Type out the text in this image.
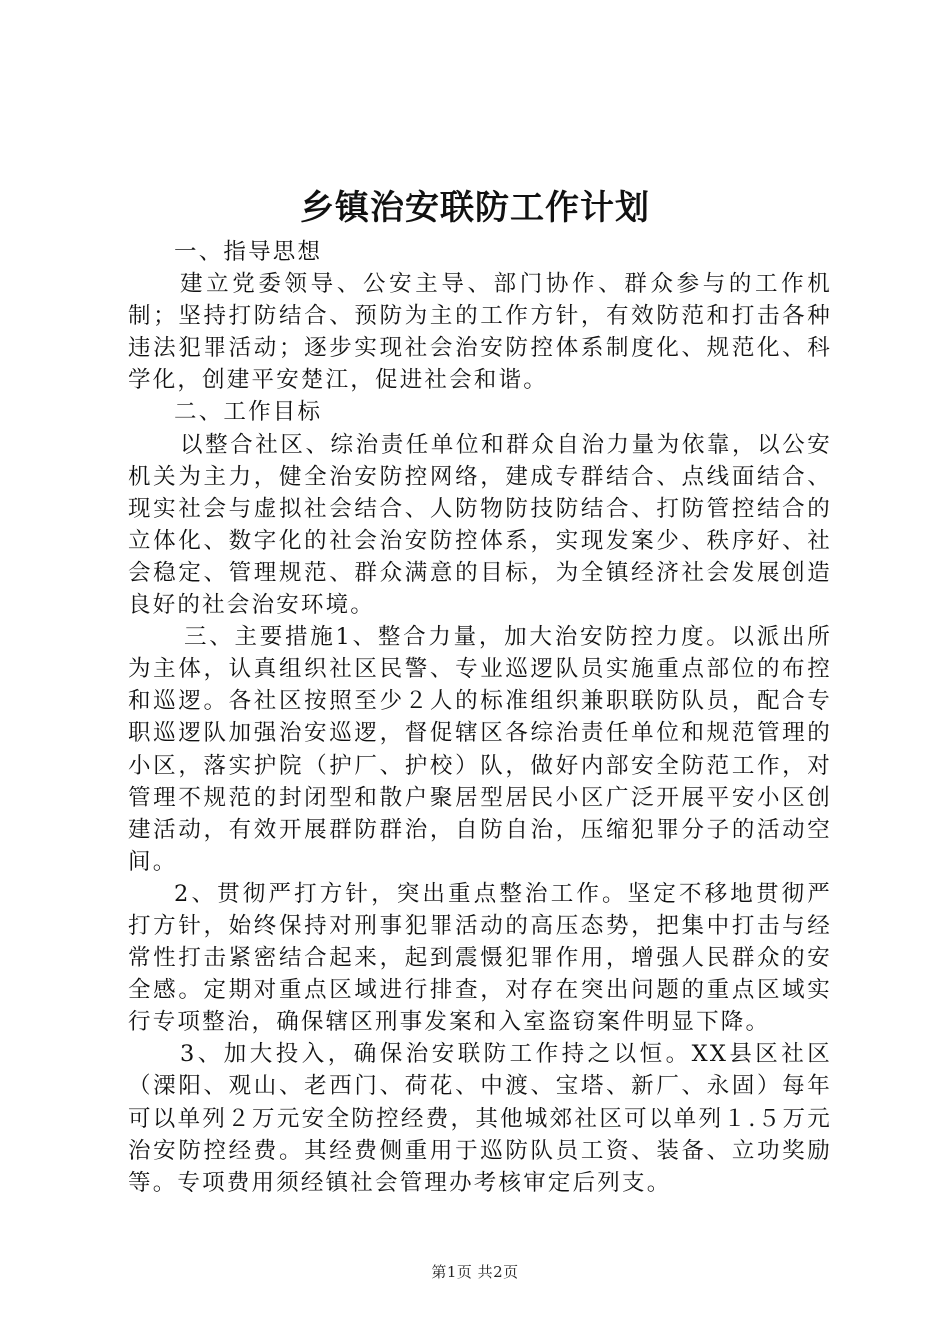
乡镇治安联防工作计划

一、指导思想

建立党委领导、公安主导、部门协作、群众参与的工作机制；坚持打防结合、预防为主的工作方针，有效防范和打击各种违法犯罪活动；逐步实现社会治安防控体系制度化、规范化、科学化，创建平安楚江，促进社会和谐。

二、工作目标

以整合社区、综治责任单位和群众自治力量为依靠，以公安机关为主力，健全治安防控网络，建成专群结合、点线面结合、现实社会与虚拟社会结合、人防物防技防结合、打防管控结合的立体化、数字化的社会治安防控体系，实现发案少、秩序好、社会稳定、管理规范、群众满意的目标，为全镇经济社会发展创造良好的社会治安环境。

三、主要措施1、整合力量，加大治安防控力度。以派出所为主体，认真组织社区民警、专业巡逻队员实施重点部位的布控和巡逻。各社区按照至少２人的标准组织兼职联防队员，配合专职巡逻队加强治安巡逻，督促辖区各综治责任单位和规范管理的小区，落实护院（护厂、护校）队，做好内部安全防范工作，对管理不规范的封闭型和散户聚居型居民小区广泛开展平安小区创建活动，有效开展群防群治，自防自治，压缩犯罪分子的活动空间。

2、贯彻严打方针，突出重点整治工作。坚定不移地贯彻严打方针，始终保持对刑事犯罪活动的高压态势，把集中打击与经常性打击紧密结合起来，起到震慑犯罪作用，增强人民群众的安全感。定期对重点区域进行排查，对存在突出问题的重点区域实行专项整治，确保辖区刑事发案和入室盗窃案件明显下降。

3、加大投入，确保治安联防工作持之以恒。XX县区社区（溧阳、观山、老西门、荷花、中渡、宝塔、新厂、永固）每年可以单列２万元安全防控经费，其他城郊社区可以单列１.５万元治安防控经费。其经费侧重用于巡防队员工资、装备、立功奖励等。专项费用须经镇社会管理办考核审定后列支。

第1页 共2页
